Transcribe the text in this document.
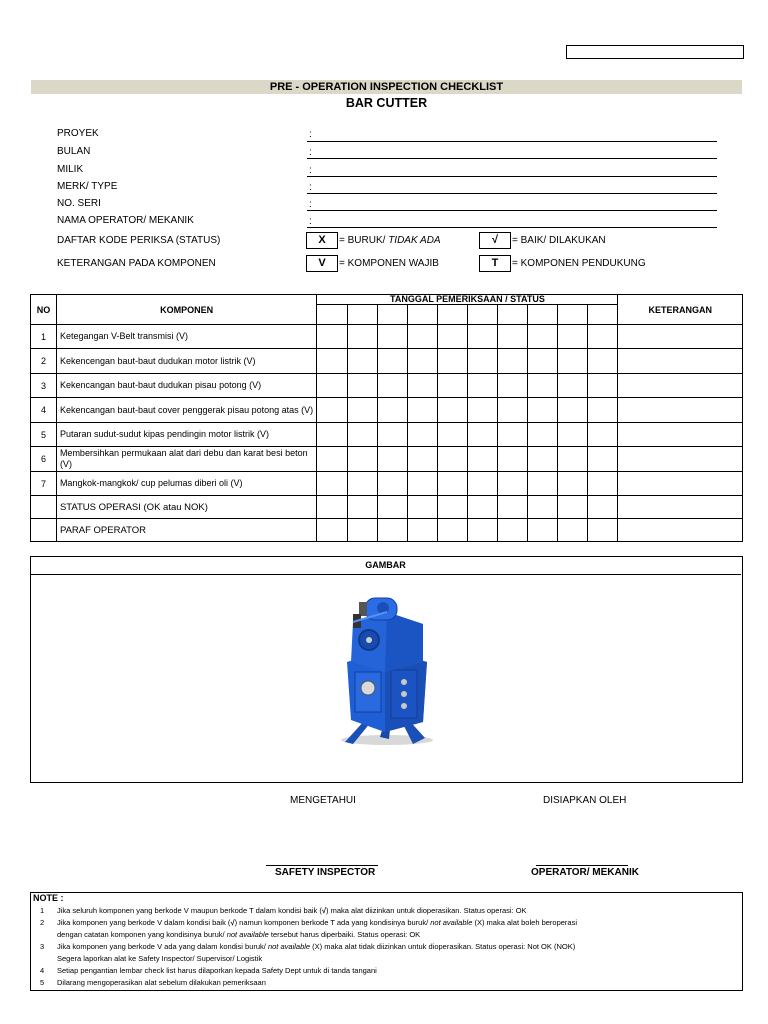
PRE - OPERATION INSPECTION CHECKLIST
BAR CUTTER
PROYEK	:
BULAN	:
MILIK	:
MERK/ TYPE	:
NO. SERI	:
NAMA OPERATOR/ MEKANIK	:
DAFTAR KODE PERIKSA (STATUS)	X	= BURUK/ TIDAK ADA	√	= BAIK/ DILAKUKAN
KETERANGAN PADA KOMPONEN	V	= KOMPONEN WAJIB	T	= KOMPONEN PENDUKUNG
NO	KOMPONEN	TANGGAL PEMERIKSAAN / STATUS										KETERANGAN

1	Ketegangan V-Belt transmisi (V)											
2	Kekencengan baut-baut dudukan motor listrik (V)											
3	Kekencangan baut-baut dudukan pisau potong (V)											
4	Kekencangan baut-baut cover penggerak pisau potong atas (V)											
5	Putaran sudut-sudut kipas pendingin motor listrik (V)											
6	Membersihkan permukaan alat dari debu dan karat besi beton (V)											
7	Mangkok-mangkok/ cup pelumas diberi oli (V)											
	STATUS OPERASI (OK atau NOK)											
	PARAF OPERATOR											
GAMBAR
MENGETAHUI	DISIAPKAN OLEH
SAFETY INSPECTOR	OPERATOR/ MEKANIK
NOTE :
1 Jika seluruh komponen yang berkode V maupun berkode T dalam kondisi baik (√) maka alat diizinkan untuk dioperasikan. Status operasi: OK
2 Jika komponen yang berkode V dalam kondisi baik (√) namun komponen berkode T ada yang kondisinya buruk/ not available (X) maka alat boleh beroperasi
dengan catatan komponen yang kondisinya buruk/ not available tersebut harus diperbaiki. Status operasi: OK
3 Jika komponen yang berkode V ada yang dalam kondisi buruk/ not available (X) maka alat tidak diizinkan untuk dioperasikan. Status operasi: Not OK (NOK)
Segera laporkan alat ke Safety Inspector/ Supervisor/ Logistik
4 Setiap pengantian lembar check list harus dilaporkan kepada Safety Dept untuk di tanda tangani
5 Dilarang mengoperasikan alat sebelum dilakukan pemeriksaan
